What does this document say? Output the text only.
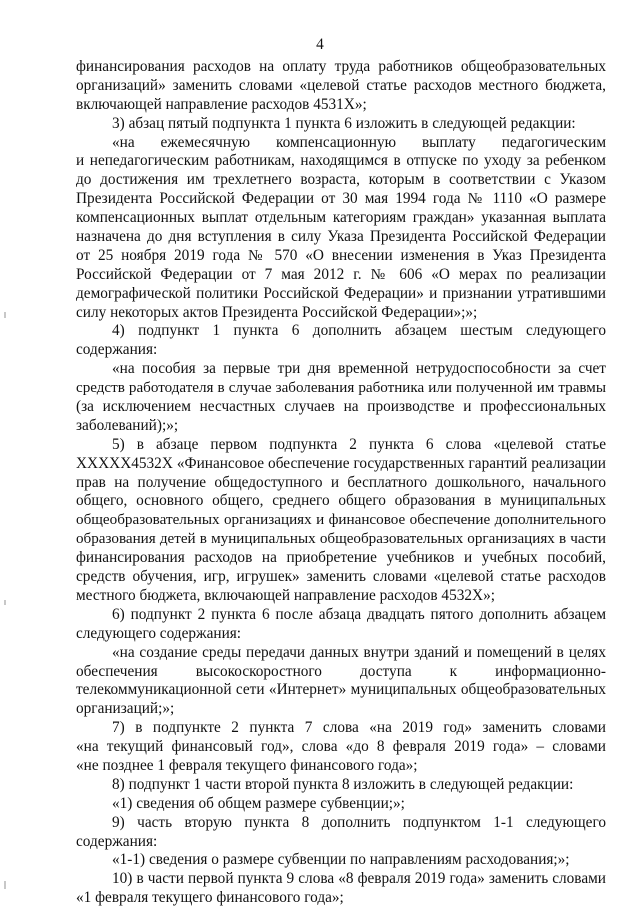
4
финансирования расходов на оплату труда работников общеобразовательных
организаций» заменить словами «целевой статье расходов местного бюджета,
включающей направление расходов 4531Х»;
3) абзац пятый подпункта 1 пункта 6 изложить в следующей редакции:
«на ежемесячную компенсационную выплату педагогическим
и непедагогическим работникам, находящимся в отпуске по уходу за ребенком
до достижения им трехлетнего возраста, которым в соответствии с Указом
Президента Российской Федерации от 30 мая 1994 года № 1110 «О размере
компенсационных выплат отдельным категориям граждан» указанная выплата
назначена до дня вступления в силу Указа Президента Российской Федерации
от 25 ноября 2019 года № 570 «О внесении изменения в Указ Президента
Российской Федерации от 7 мая 2012 г. № 606 «О мерах по реализации
демографической политики Российской Федерации» и признании утратившими
силу некоторых актов Президента Российской Федерации»;»;
4) подпункт 1 пункта 6 дополнить абзацем шестым следующего
содержания:
«на пособия за первые три дня временной нетрудоспособности за счет
средств работодателя в случае заболевания работника или полученной им травмы
(за исключением несчастных случаев на производстве и профессиональных
заболеваний);»;
5) в абзаце первом подпункта 2 пункта 6 слова «целевой статье
ХХХХХ4532Х «Финансовое обеспечение государственных гарантий реализации
прав на получение общедоступного и бесплатного дошкольного, начального
общего, основного общего, среднего общего образования в муниципальных
общеобразовательных организациях и финансовое обеспечение дополнительного
образования детей в муниципальных общеобразовательных организациях в части
финансирования расходов на приобретение учебников и учебных пособий,
средств обучения, игр, игрушек» заменить словами «целевой статье расходов
местного бюджета, включающей направление расходов 4532Х»;
6) подпункт 2 пункта 6 после абзаца двадцать пятого дополнить абзацем
следующего содержания:
«на создание среды передачи данных внутри зданий и помещений в целях
обеспечения высокоскоростного доступа к информационно-
телекоммуникационной сети «Интернет» муниципальных общеобразовательных
организаций;»;
7) в подпункте 2 пункта 7 слова «на 2019 год» заменить словами
«на текущий финансовый год», слова «до 8 февраля 2019 года» – словами
«не позднее 1 февраля текущего финансового года»;
8) подпункт 1 части второй пункта 8 изложить в следующей редакции:
«1) сведения об общем размере субвенции;»;
9) часть вторую пункта 8 дополнить подпунктом 1-1 следующего
содержания:
«1-1) сведения о размере субвенции по направлениям расходования;»;
10) в части первой пункта 9 слова «8 февраля 2019 года» заменить словами
«1 февраля текущего финансового года»;
